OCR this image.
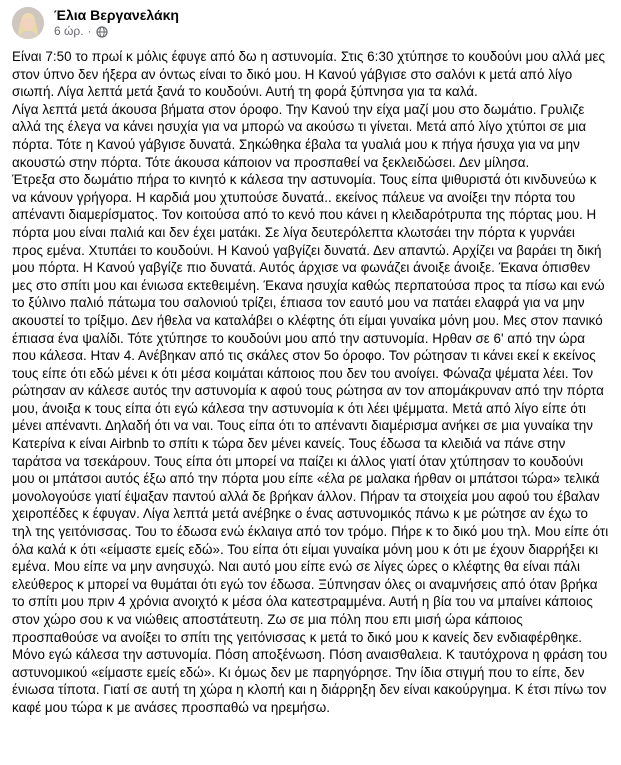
Έλια Βεργανελάκη
6 ώρ. ·

Είναι 7:50 το πρωί κ μόλις έφυγε από δω η αστυνομία. Στις 6:30 χτύπησε το κουδούνι μου αλλά μες στον ύπνο δεν ήξερα αν όντως είναι το δικό μου. Η Κανού γάβγισε στο σαλόνι κ μετά από λίγο σιωπή. Λίγα λεπτά μετά ξανά το κουδούνι. Αυτή τη φορά ξύπνησα για τα καλά.

Λίγα λεπτά μετά άκουσα βήματα στον όροφο. Την Κανού την είχα μαζί μου στο δωμάτιο. Γρυλιζε αλλά της έλεγα να κάνει ησυχία για να μπορώ να ακούσω τι γίνεται. Μετά από λίγο χτύποι σε μια πόρτα. Τότε η Κανού γάβγισε δυνατά. Σηκώθηκα έβαλα τα γυαλιά μου κ πήγα ήσυχα για να μην ακουστώ στην πόρτα. Τότε άκουσα κάποιον να προσπαθεί να ξεκλειδώσει. Δεν μίλησα.

Έτρεξα στο δωμάτιο πήρα το κινητό κ κάλεσα την αστυνομία. Τους είπα ψιθυριστά ότι κινδυνεύω κ να κάνουν γρήγορα. Η καρδιά μου χτυπούσε δυνατά.. εκείνος πάλευε να ανοίξει την πόρτα του απέναντι διαμερίσματος. Τον κοιτούσα από το κενό που κάνει η κλειδαρότρυπα της πόρτας μου. Η πόρτα μου είναι παλιά και δεν έχει ματάκι. Σε λίγα δευτερόλεπτα κλωτσάει την πόρτα κ γυρνάει προς εμένα. Χτυπάει το κουδούνι. Η Κανού γαβγίζει δυνατά. Δεν απαντώ. Αρχίζει να βαράει τη δική μου πόρτα. Η Κανού γαβγίζε πιο δυνατά. Αυτός άρχισε να φωνάζει άνοιξε άνοιξε. Έκανα όπισθεν μες στο σπίτι μου και ένιωσα εκτεθειμένη. Έκανα ησυχία καθώς περπατούσα προς τα πίσω και ενώ το ξύλινο παλιό πάτωμα του σαλονιού τρίζει, έπιασα τον εαυτό μου να πατάει ελαφρά για να μην ακουστεί το τρίξιμο. Δεν ήθελα να καταλάβει ο κλέφτης ότι είμαι γυναίκα μόνη μου. Μες στον πανικό έπιασα ένα ψαλίδι. Τότε χτύπησε το κουδούνι μου από την αστυνομία. Ηρθαν σε 6' από την ώρα που κάλεσα. Ηταν 4. Ανέβηκαν από τις σκάλες στον 5ο όροφο. Τον ρώτησαν τι κάνει εκεί κ εκείνος τους είπε ότι εδώ μένει κ ότι μέσα κοιμάται κάποιος που δεν του ανοίγει. Φώναζα ψέματα λέει. Τον ρώτησαν αν κάλεσε αυτός την αστυνομία κ αφού τους ρώτησα αν τον απομάκρυναν από την πόρτα μου, άνοιξα κ τους είπα ότι εγώ κάλεσα την αστυνομία κ ότι λέει ψέμματα. Μετά από λίγο είπε ότι μένει απέναντι. Δηλαδή ότι να ναι. Τους είπα ότι το απέναντι διαμέρισμα ανήκει σε μια γυναίκα την Κατερίνα κ είναι Airbnb το σπίτι κ τώρα δεν μένει κανείς. Τους έδωσα τα κλειδιά να πάνε στην ταράτσα να τσεκάρουν. Τους είπα ότι μπορεί να παίζει κι άλλος γιατί όταν χτύπησαν το κουδούνι μου οι μπάτσοι αυτός έξω από την πόρτα μου είπε «έλα ρε μαλακα ήρθαν οι μπάτσοι τώρα» τελικά μονολογούσε γιατί έψαξαν παντού αλλά δε βρήκαν άλλον. Πήραν τα στοιχεία μου αφού του έβαλαν χειροπέδες κ έφυγαν. Λίγα λεπτά μετά ανέβηκε ο ένας αστυνομικός πάνω κ με ρώτησε αν έχω το τηλ της γειτόνισσας. Του το έδωσα ενώ έκλαιγα από τον τρόμο. Πήρε κ το δικό μου τηλ. Μου είπε ότι όλα καλά κ ότι «είμαστε εμείς εδώ». Του είπα ότι είμαι γυναίκα μόνη μου κ ότι με έχουν διαρρήξει κι εμένα. Μου είπε να μην ανησυχώ. Ναι αυτό μου είπε ενώ σε λίγες ώρες ο κλέφτης θα είναι πάλι ελεύθερος κ μπορεί να θυμάται ότι εγώ τον έδωσα. Ξύπνησαν όλες οι αναμνήσεις από όταν βρήκα το σπίτι μου πριν 4 χρόνια ανοιχτό κ μέσα όλα κατεστραμμένα. Αυτή η βία του να μπαίνει κάποιος στον χώρο σου κ να νιώθεις αποστάτευτη. Ζω σε μια πόλη που επι μισή ώρα κάποιος προσπαθούσε να ανοίξει το σπίτι της γειτόνισσας κ μετά το δικό μου κ κανείς δεν ενδιαφέρθηκε. Μόνο εγώ κάλεσα την αστυνομία. Πόση αποξένωση. Πόση αναισθαλεια. Κ ταυτόχρονα η φράση του αστυνομικού «είμαστε εμείς εδώ». Κι όμως δεν με παρηγόρησε. Την ίδια στιγμή που το είπε, δεν ένιωσα τίποτα. Γιατί σε αυτή τη χώρα η κλοπή και η διάρρηξη δεν είναι κακούργημα. Κ έτσι πίνω τον καφέ μου τώρα κ με ανάσες προσπαθώ να ηρεμήσω.
